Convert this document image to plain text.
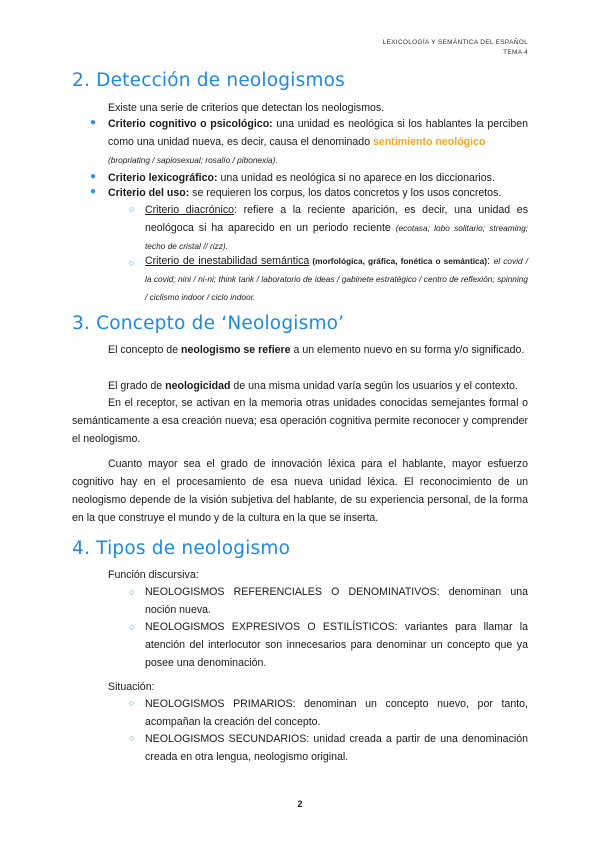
LEXICOLOGÍA Y SEMÁNTICA DEL ESPAÑOL
TEMA 4
2. Detección de neologismos
Existe una serie de criterios que detectan los neologismos.
● Criterio cognitivo o psicológico: una unidad es neológica si los hablantes la perciben como una unidad nueva, es decir, causa el denominado sentimiento neológico
(bropriating / sapiosexual; rosalío / pibonexia).
● Criterio lexicográfico: una unidad es neológica si no aparece en los diccionarios.
● Criterio del uso: se requieren los corpus, los datos concretos y los usos concretos.
○ Criterio diacrónico: refiere a la reciente aparición, es decir, una unidad es neológoca si ha aparecido en un periodo reciente (ecotasa; lobo solitario; streaming; techo de cristal // rizz).
○ Criterio de inestabilidad semántica (morfológica, gráfica, fonética o semántica): el covid / la covid; nini / ni-ni; think tank / laboratorio de ideas / gabinete estratégico / centro de reflexión; spinning / ciclismo indoor / ciclo indoor.
3. Concepto de ‘Neologismo’
El concepto de neologismo se refiere a un elemento nuevo en su forma y/o significado.
El grado de neologicidad de una misma unidad varía según los usuarios y el contexto.
En el receptor, se activan en la memoria otras unidades conocidas semejantes formal o semánticamente a esa creación nueva; esa operación cognitiva permite reconocer y comprender el neologismo.
Cuanto mayor sea el grado de innovación léxica para el hablante, mayor esfuerzo cognitivo hay en el procesamiento de esa nueva unidad léxica. El reconocimiento de un neologismo depende de la visión subjetiva del hablante, de su experiencia personal, de la forma en la que construye el mundo y de la cultura en la que se inserta.
4. Tipos de neologismo
Función discursiva:
○ NEOLOGISMOS REFERENCIALES O DENOMINATIVOS: denominan una noción nueva.
○ NEOLOGISMOS EXPRESIVOS O ESTILÍSTICOS: variantes para llamar la atención del interlocutor son innecesarios para denominar un concepto que ya posee una denominación.
Situación:
○ NEOLOGISMOS PRIMARIOS: denominan un concepto nuevo, por tanto, acompañan la creación del concepto.
○ NEOLOGISMOS SECUNDARIOS: unidad creada a partir de una denominación creada en otra lengua, neologismo original.
2
